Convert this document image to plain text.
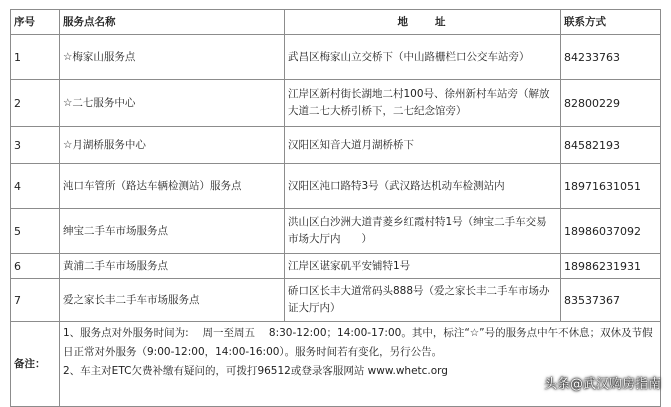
序号	服务点名称	地　　址	联系方式
1	☆梅家山服务点	武昌区梅家山立交桥下（中山路栅栏口公交车站旁）	84233763
2	☆二七服务中心	江岸区新村街长湖地二村100号、徐州新村车站旁（解放大道二七大桥引桥下，二七纪念馆旁）	82800229
3	☆月湖桥服务中心	汉阳区知音大道月湖桥桥下	84582193
4	沌口车管所（路达车辆检测站）服务点	汉阳区沌口路特3号（武汉路达机动车检测站内	18971631051
5	绅宝二手车市场服务点	洪山区白沙洲大道青菱乡红霞村特1号（绅宝二手车交易市场大厅内　　）	18986037092
6	黄浦二手车市场服务点	江岸区谌家矶平安铺特1号	18986231931
7	爱之家长丰二手车市场服务点	硚口区长丰大道常码头888号（爱之家长丰二手车市场办证大厅内）	83537367
备注：	1、服务点对外服务时间为:　 周一至周五　 8:30-12:00；14:00-17:00。其中，标注“☆”号的服务点中午不休息；双休及节假日正常对外服务（9:00-12:00，14:00-16:00）。服务时间若有变化，另行公告。

2、车主对ETC欠费补缴有疑问的，可拨打96512或登录客服网站 www.whetc.org		

头条@武汉购房指南
